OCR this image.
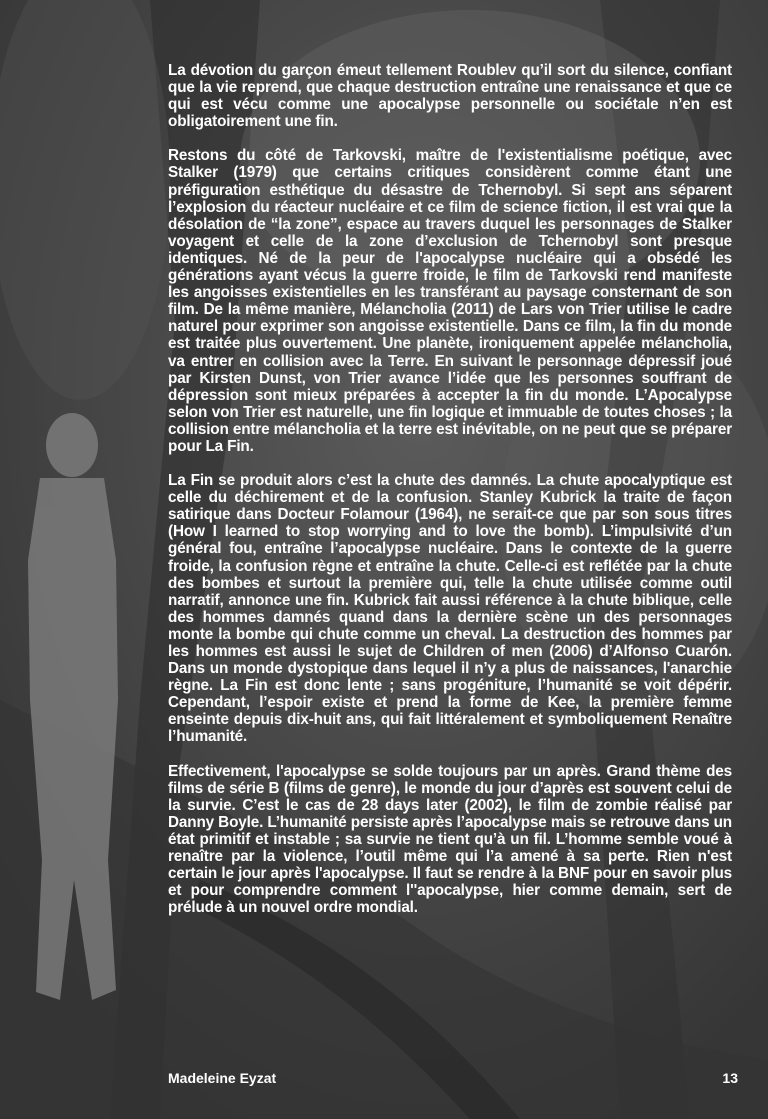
La dévotion du garçon émeut tellement Roublev qu’il sort du silence, confiant que la vie reprend, que chaque destruction entraîne une renaissance et que ce qui est vécu comme une apocalypse personnelle ou sociétale n’en est obligatoirement une fin.

Restons du côté de Tarkovski, maître de l'existentialisme poétique, avec Stalker (1979) que certains critiques considèrent comme étant une préfiguration esthétique du désastre de Tchernobyl. Si sept ans séparent l’explosion du réacteur nucléaire et ce film de science fiction, il est vrai que la désolation de “la zone”, espace au travers duquel les personnages de Stalker voyagent et celle de la zone d’exclusion de Tchernobyl sont presque identiques. Né de la peur de l'apocalypse nucléaire qui a obsédé les générations ayant vécus la guerre froide, le film de Tarkovski rend manifeste les angoisses existentielles en les transférant au paysage consternant de son film. De la même manière, Mélancholia (2011) de Lars von Trier utilise le cadre naturel pour exprimer son angoisse existentielle. Dans ce film, la fin du monde est traitée plus ouvertement. Une planète, ironiquement appelée mélancholia, va entrer en collision avec la Terre. En suivant le personnage dépressif joué par Kirsten Dunst, von Trier avance l’idée que les personnes souffrant de dépression sont mieux préparées à accepter la fin du monde. L’Apocalypse selon von Trier est naturelle, une fin logique et immuable de toutes choses ; la collision entre mélancholia et la terre est inévitable, on ne peut que se préparer pour La Fin.

La Fin se produit alors c’est la chute des damnés. La chute apocalyptique est celle du déchirement et de la confusion. Stanley Kubrick la traite de façon satirique dans Docteur Folamour (1964), ne serait-ce que par son sous titres (How I learned to stop worrying and to love the bomb). L’impulsivité d’un général fou, entraîne l’apocalypse nucléaire. Dans le contexte de la guerre froide, la confusion règne et entraîne la chute. Celle-ci est reflétée par la chute des bombes et surtout la première qui, telle la chute utilisée comme outil narratif, annonce une fin. Kubrick fait aussi référence à la chute biblique, celle des hommes damnés quand dans la dernière scène un des personnages monte la bombe qui chute comme un cheval. La destruction des hommes par les hommes est aussi le sujet de Children of men (2006) d’Alfonso Cuarón. Dans un monde dystopique dans lequel il n’y a plus de naissances, l'anarchie règne. La Fin est donc lente ; sans progéniture, l’humanité se voit dépérir. Cependant, l’espoir existe et prend la forme de Kee, la première femme enseinte depuis dix-huit ans, qui fait littéralement et symboliquement Renaître l’humanité.

Effectivement, l'apocalypse se solde toujours par un après. Grand thème des films de série B (films de genre), le monde du jour d’après est souvent celui de la survie. C’est le cas de 28 days later (2002), le film de zombie réalisé par Danny Boyle. L’humanité persiste après l’apocalypse mais se retrouve dans un état primitif et instable ; sa survie ne tient qu’à un fil. L’homme semble voué à renaître par la violence, l’outil même qui l’a amené à sa perte. Rien n'est certain le jour après l'apocalypse. Il faut se rendre à la BNF pour en savoir plus et pour comprendre comment l''apocalypse, hier comme demain, sert de prélude à un nouvel ordre mondial.

Madeleine Eyzat	13
